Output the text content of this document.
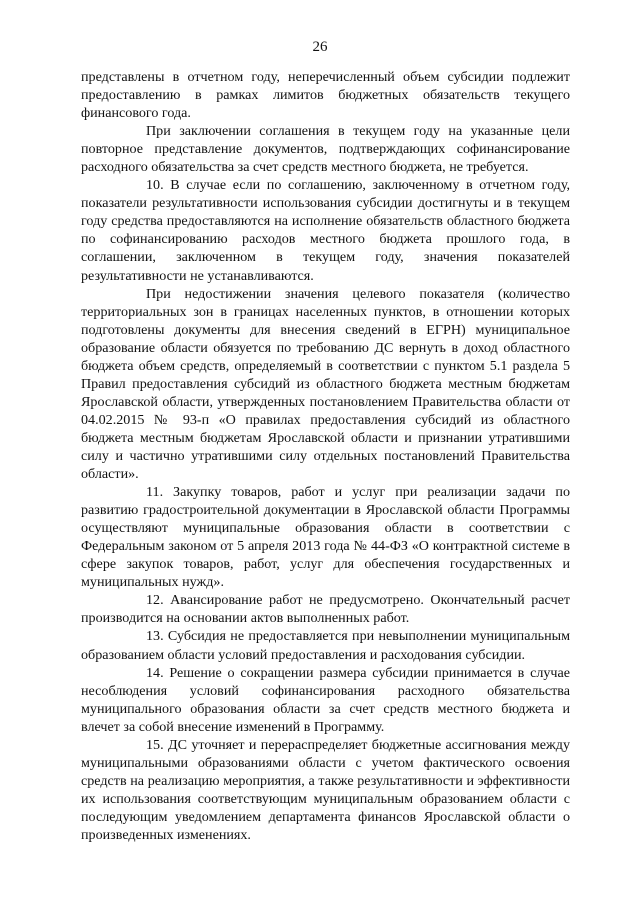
26

представлены в отчетном году, неперечисленный объем субсидии подлежит предоставлению в рамках лимитов бюджетных обязательств текущего финансового года.

При заключении соглашения в текущем году на указанные цели повторное представление документов, подтверждающих софинансирование расходного обязательства за счет средств местного бюджета, не требуется.

10. В случае если по соглашению, заключенному в отчетном году, показатели результативности использования субсидии достигнуты и в текущем году средства предоставляются на исполнение обязательств областного бюджета по софинансированию расходов местного бюджета прошлого года, в соглашении, заключенном в текущем году, значения показателей результативности не устанавливаются.

При недостижении значения целевого показателя (количество территориальных зон в границах населенных пунктов, в отношении которых подготовлены документы для внесения сведений в ЕГРН) муниципальное образование области обязуется по требованию ДС вернуть в доход областного бюджета объем средств, определяемый в соответствии с пунктом 5.1 раздела 5 Правил предоставления субсидий из областного бюджета местным бюджетам Ярославской области, утвержденных постановлением Правительства области от 04.02.2015 № 93-п «О правилах предоставления субсидий из областного бюджета местным бюджетам Ярославской области и признании утратившими силу и частично утратившими силу отдельных постановлений Правительства области».

11. Закупку товаров, работ и услуг при реализации задачи по развитию градостроительной документации в Ярославской области Программы осуществляют муниципальные образования области в соответствии с Федеральным законом от 5 апреля 2013 года № 44-ФЗ «О контрактной системе в сфере закупок товаров, работ, услуг для обеспечения государственных и муниципальных нужд».

12. Авансирование работ не предусмотрено. Окончательный расчет производится на основании актов выполненных работ.

13. Субсидия не предоставляется при невыполнении муниципальным образованием области условий предоставления и расходования субсидии.

14. Решение о сокращении размера субсидии принимается в случае несоблюдения условий софинансирования расходного обязательства муниципального образования области за счет средств местного бюджета и влечет за собой внесение изменений в Программу.

15. ДС уточняет и перераспределяет бюджетные ассигнования между муниципальными образованиями области с учетом фактического освоения средств на реализацию мероприятия, а также результативности и эффективности их использования соответствующим муниципальным образованием области с последующим уведомлением департамента финансов Ярославской области о произведенных изменениях.
